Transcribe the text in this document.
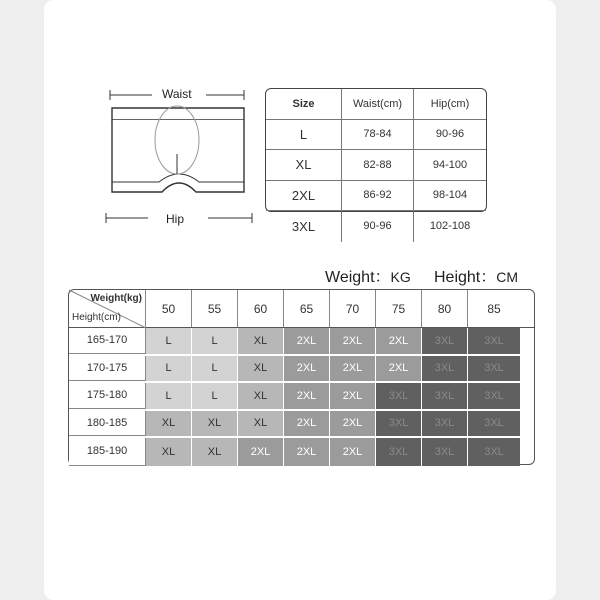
Waist
Hip
Size	Waist(cm)	Hip(cm)
L	78-84	90-96
XL	82-88	94-100
2XL	86-92	98-104
3XL	90-96	102-108
Weight：KG Height：CM
Weight(kg)
Height(cm)
50	55	60	65	70	75	80	85
165-170	L	L	XL	2XL	2XL	2XL	3XL	3XL
170-175	L	L	XL	2XL	2XL	2XL	3XL	3XL
175-180	L	L	XL	2XL	2XL	3XL	3XL	3XL
180-185	XL	XL	XL	2XL	2XL	3XL	3XL	3XL
185-190	XL	XL	2XL	2XL	2XL	3XL	3XL	3XL
